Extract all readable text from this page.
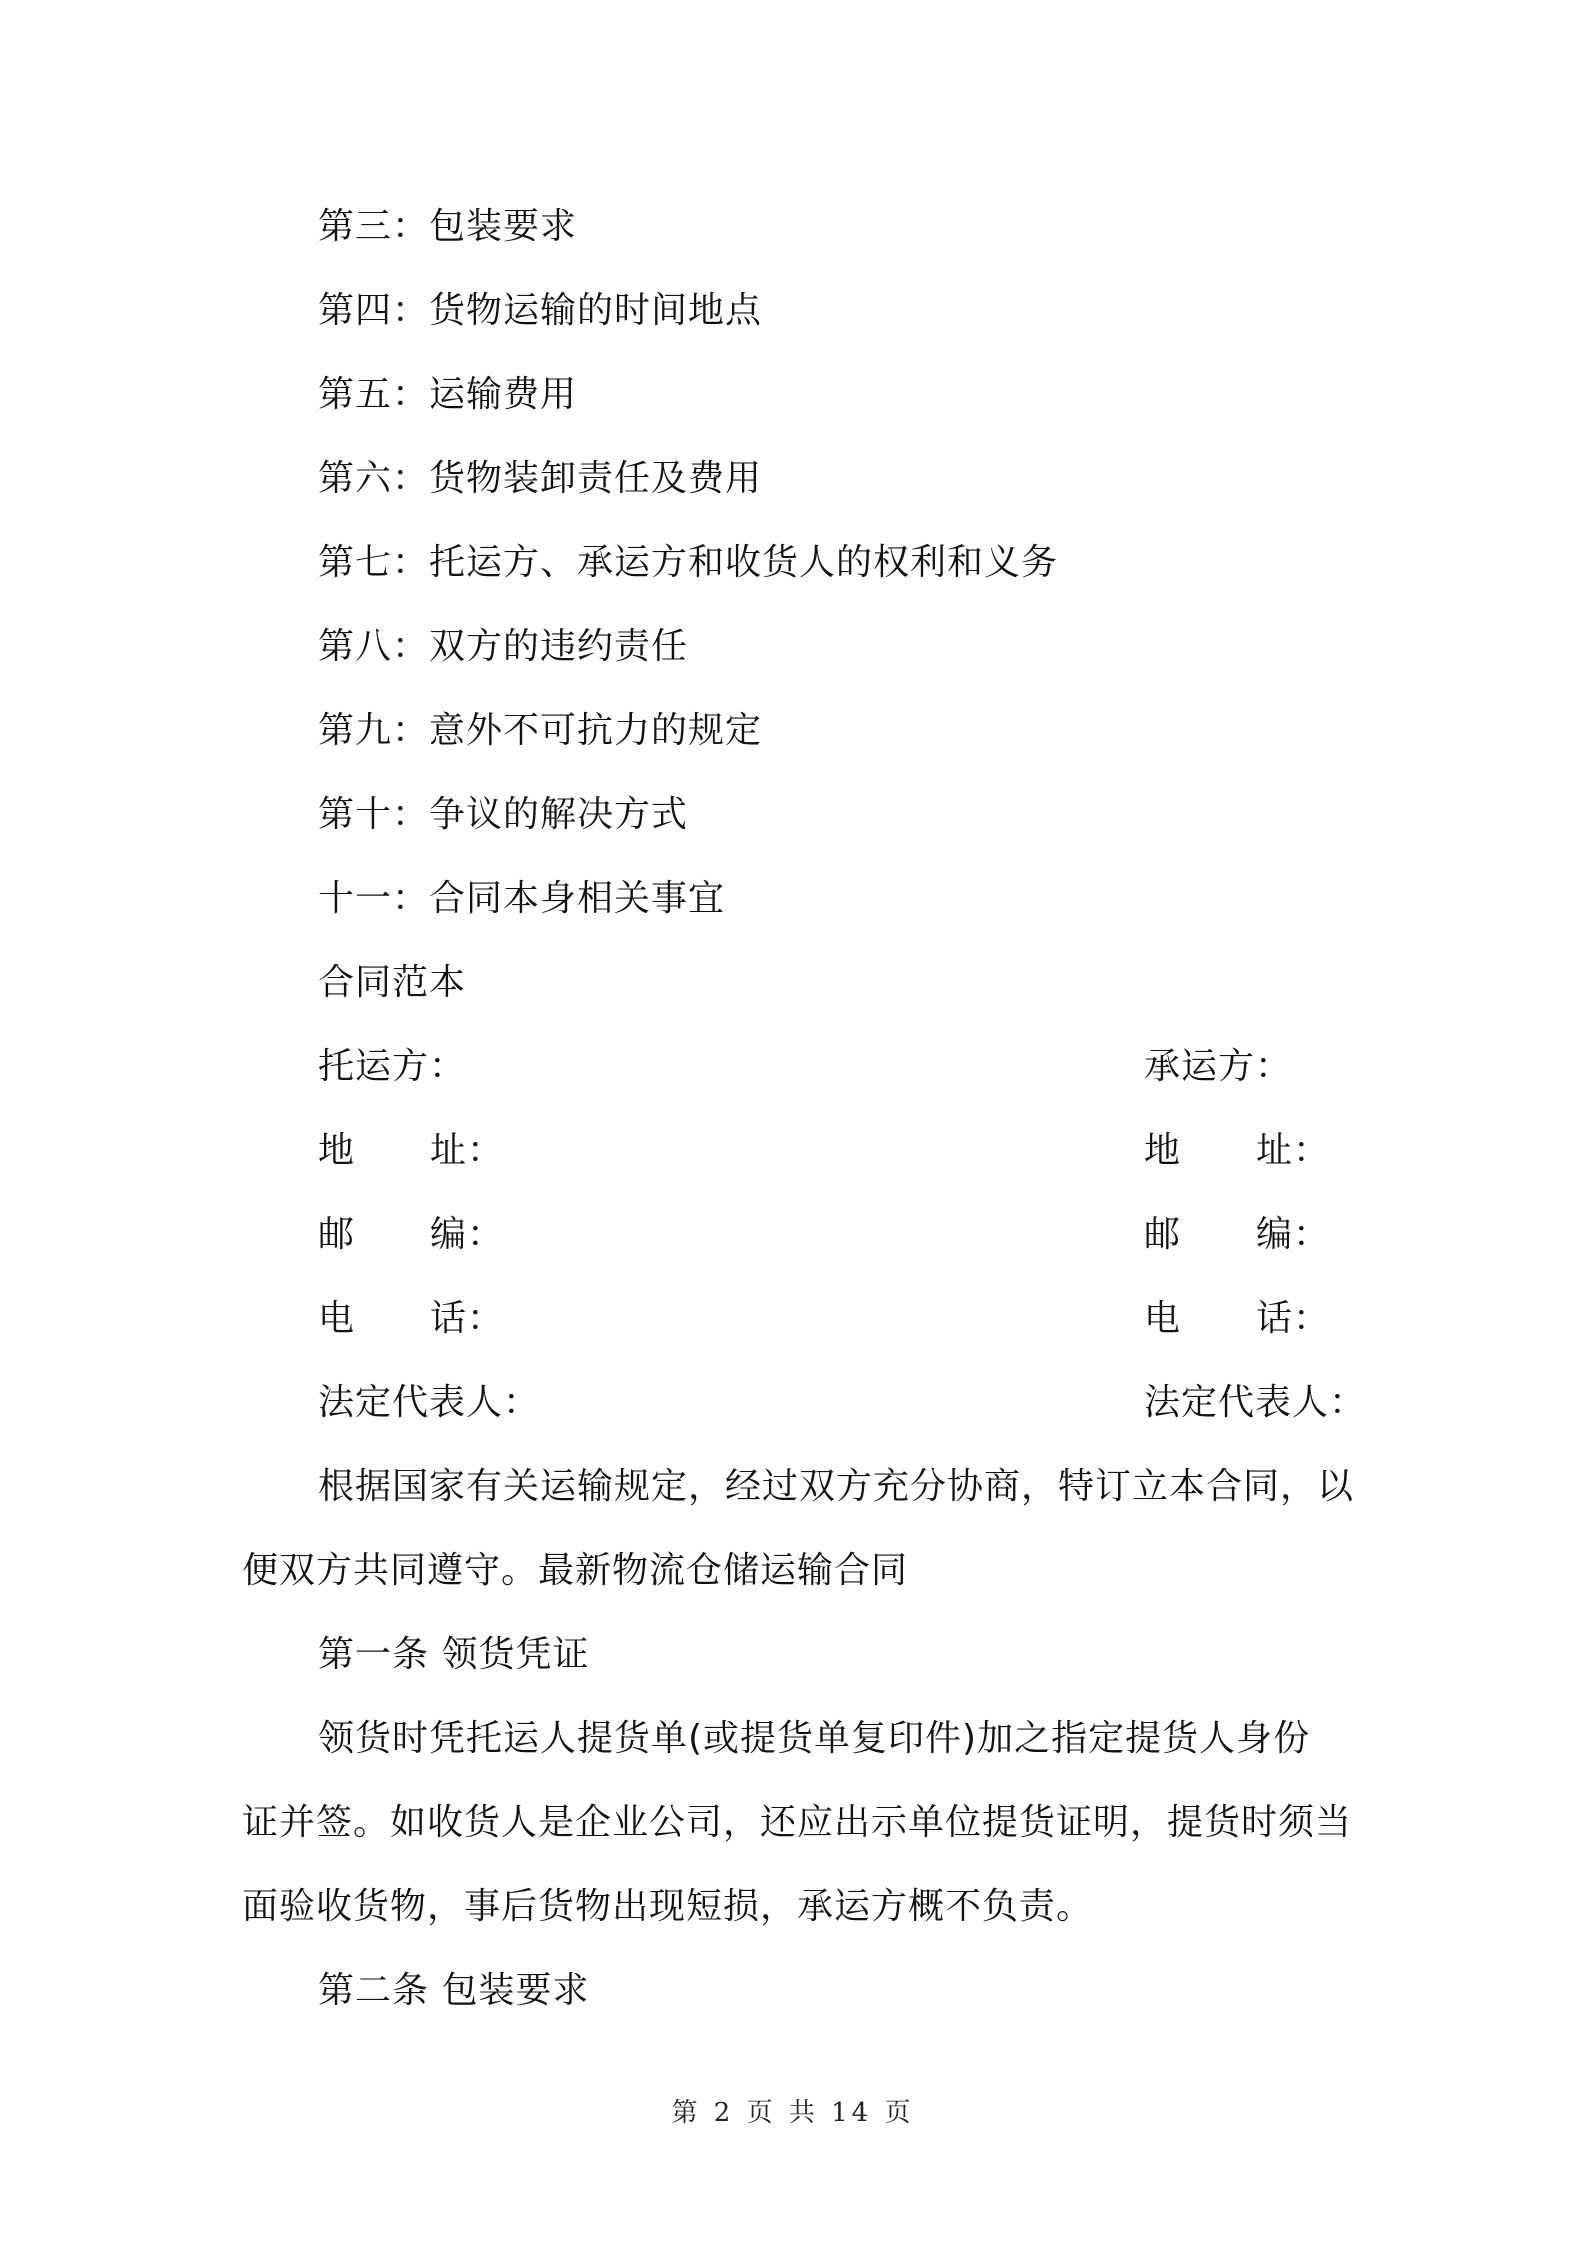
第三：包装要求
第四：货物运输的时间地点
第五：运输费用
第六：货物装卸责任及费用
第七：托运方、承运方和收货人的权利和义务
第八：双方的违约责任
第九：意外不可抗力的规定
第十：争议的解决方式
十一：合同本身相关事宜
合同范本
托运方：
地 址：
邮 编：
电 话：
法定代表人：
承运方：
地 址：
邮 编：
电 话：
法定代表人：
根据国家有关运输规定，经过双方充分协商，特订立本合同，以
便双方共同遵守。最新物流仓储运输合同
第一条 领货凭证
领货时凭托运人提货单(或提货单复印件)加之指定提货人身份
证并签。如收货人是企业公司，还应出示单位提货证明，提货时须当
面验收货物，事后货物出现短损，承运方概不负责。
第二条 包装要求
第 2 页 共 14 页
